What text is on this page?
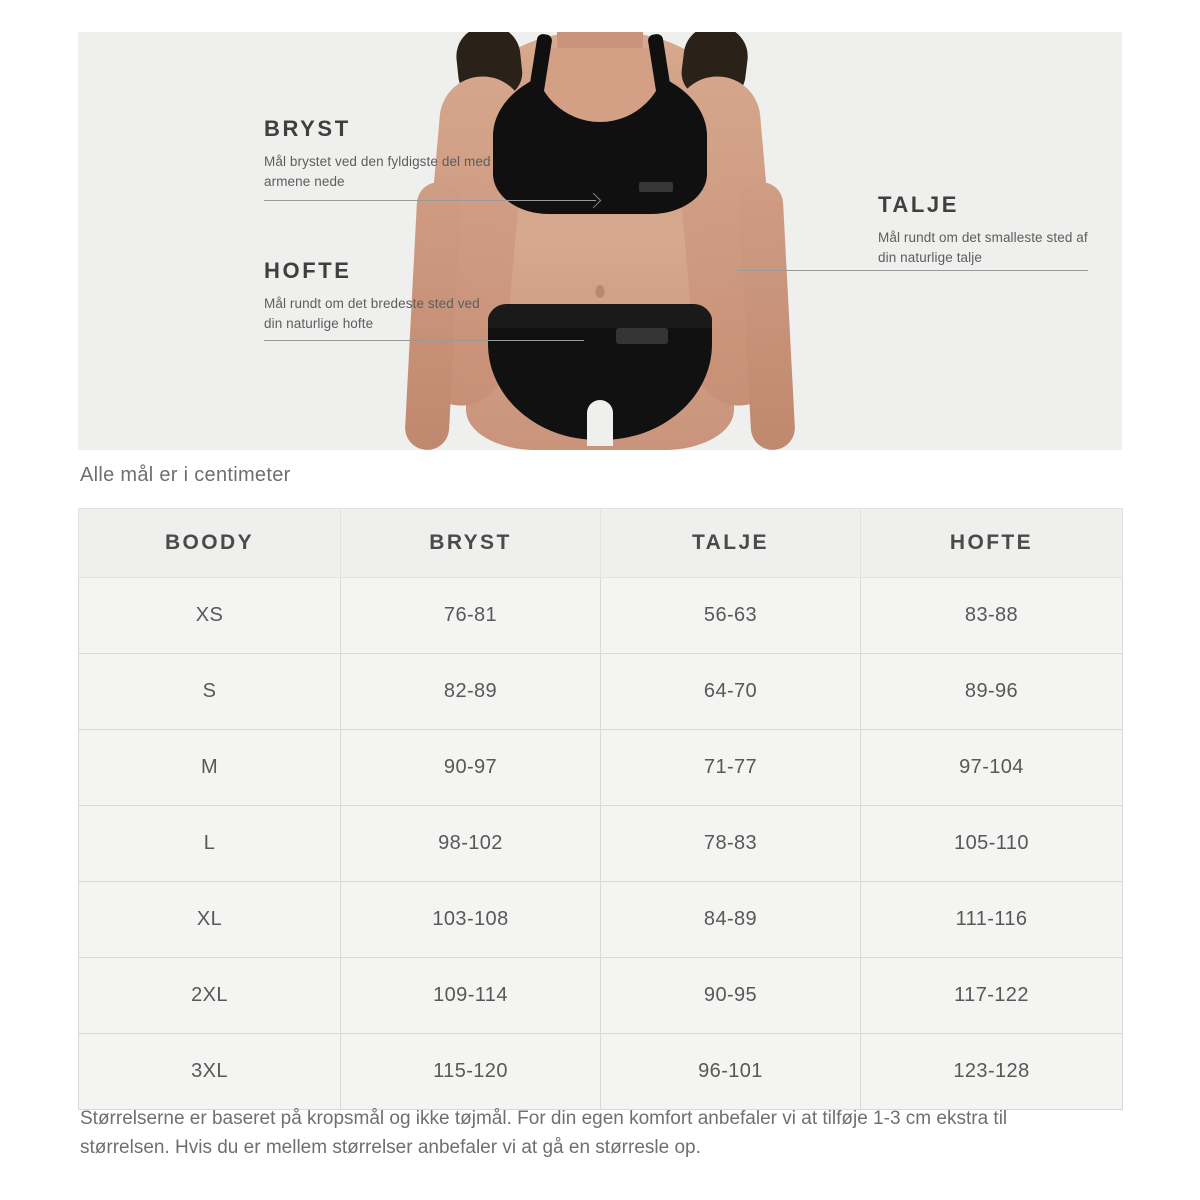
BRYST

Mål brystet ved den fyldigste del med armene nede

HOFTE

Mål rundt om det bredeste sted ved din naturlige hofte

TALJE

Mål rundt om det smalleste sted af din naturlige talje

Alle mål er i centimeter
BOODY	BRYST	TALJE	HOFTE
XS	76-81	56-63	83-88
S	82-89	64-70	89-96
M	90-97	71-77	97-104
L	98-102	78-83	105-110
XL	103-108	84-89	111-116
2XL	109-114	90-95	117-122
3XL	115-120	96-101	123-128
Størrelserne er baseret på kropsmål og ikke tøjmål. For din egen komfort anbefaler vi at tilføje 1-3 cm ekstra til størrelsen. Hvis du er mellem størrelser anbefaler vi at gå en størresle op.
